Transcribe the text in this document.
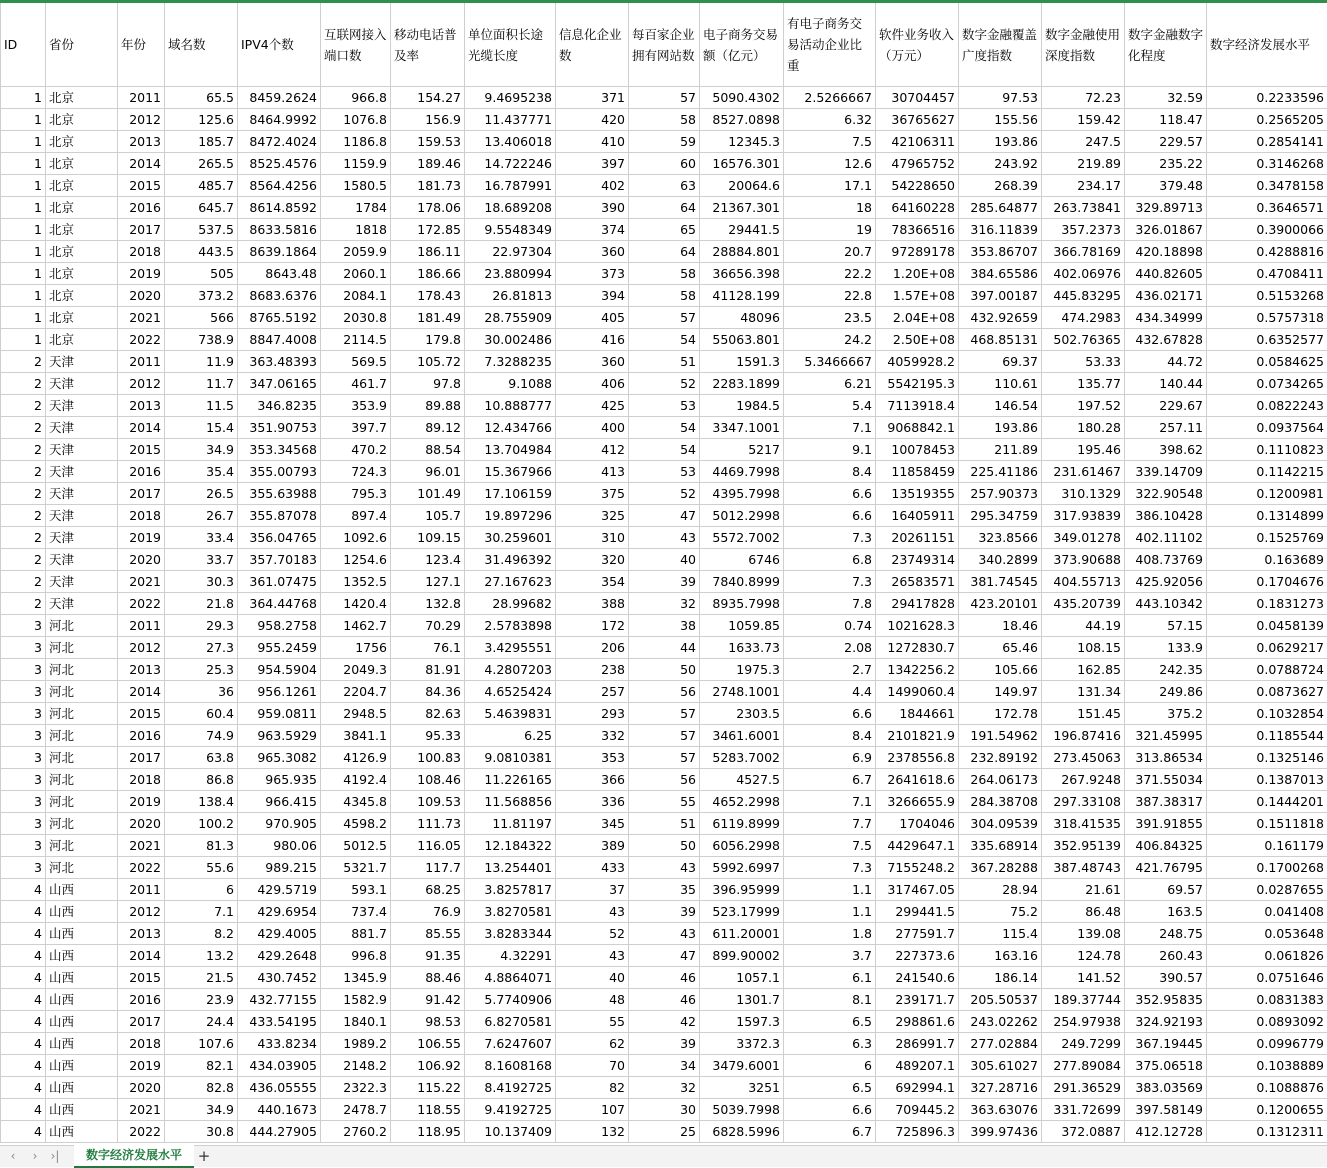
ID	省份	年份	域名数	IPV4个数	互联网接入端口数	移动电话普及率	单位面积长途光缆长度	信息化企业数	每百家企业拥有网站数	电子商务交易额（亿元）	有电子商务交易活动企业比重	软件业务收入（万元）	数字金融覆盖广度指数	数字金融使用深度指数	数字金融数字化程度	数字经济发展水平
1	北京	2011	65.5	8459.2624	966.8	154.27	9.4695238	371	57	5090.4302	2.5266667	30704457	97.53	72.23	32.59	0.2233596
1	北京	2012	125.6	8464.9992	1076.8	156.9	11.437771	420	58	8527.0898	6.32	36765627	155.56	159.42	118.47	0.2565205
1	北京	2013	185.7	8472.4024	1186.8	159.53	13.406018	410	59	12345.3	7.5	42106311	193.86	247.5	229.57	0.2854141
1	北京	2014	265.5	8525.4576	1159.9	189.46	14.722246	397	60	16576.301	12.6	47965752	243.92	219.89	235.22	0.3146268
1	北京	2015	485.7	8564.4256	1580.5	181.73	16.787991	402	63	20064.6	17.1	54228650	268.39	234.17	379.48	0.3478158
1	北京	2016	645.7	8614.8592	1784	178.06	18.689208	390	64	21367.301	18	64160228	285.64877	263.73841	329.89713	0.3646571
1	北京	2017	537.5	8633.5816	1818	172.85	9.5548349	374	65	29441.5	19	78366516	316.11839	357.2373	326.01867	0.3900066
1	北京	2018	443.5	8639.1864	2059.9	186.11	22.97304	360	64	28884.801	20.7	97289178	353.86707	366.78169	420.18898	0.4288816
1	北京	2019	505	8643.48	2060.1	186.66	23.880994	373	58	36656.398	22.2	1.20E+08	384.65586	402.06976	440.82605	0.4708411
1	北京	2020	373.2	8683.6376	2084.1	178.43	26.81813	394	58	41128.199	22.8	1.57E+08	397.00187	445.83295	436.02171	0.5153268
1	北京	2021	566	8765.5192	2030.8	181.49	28.755909	405	57	48096	23.5	2.04E+08	432.92659	474.2983	434.34999	0.5757318
1	北京	2022	738.9	8847.4008	2114.5	179.8	30.002486	416	54	55063.801	24.2	2.50E+08	468.85131	502.76365	432.67828	0.6352577
2	天津	2011	11.9	363.48393	569.5	105.72	7.3288235	360	51	1591.3	5.3466667	4059928.2	69.37	53.33	44.72	0.0584625
2	天津	2012	11.7	347.06165	461.7	97.8	9.1088	406	52	2283.1899	6.21	5542195.3	110.61	135.77	140.44	0.0734265
2	天津	2013	11.5	346.8235	353.9	89.88	10.888777	425	53	1984.5	5.4	7113918.4	146.54	197.52	229.67	0.0822243
2	天津	2014	15.4	351.90753	397.7	89.12	12.434766	400	54	3347.1001	7.1	9068842.1	193.86	180.28	257.11	0.0937564
2	天津	2015	34.9	353.34568	470.2	88.54	13.704984	412	54	5217	9.1	10078453	211.89	195.46	398.62	0.1110823
2	天津	2016	35.4	355.00793	724.3	96.01	15.367966	413	53	4469.7998	8.4	11858459	225.41186	231.61467	339.14709	0.1142215
2	天津	2017	26.5	355.63988	795.3	101.49	17.106159	375	52	4395.7998	6.6	13519355	257.90373	310.1329	322.90548	0.1200981
2	天津	2018	26.7	355.87078	897.4	105.7	19.897296	325	47	5012.2998	6.6	16405911	295.34759	317.93839	386.10428	0.1314899
2	天津	2019	33.4	356.04765	1092.6	109.15	30.259601	310	43	5572.7002	7.3	20261151	323.8566	349.01278	402.11102	0.1525769
2	天津	2020	33.7	357.70183	1254.6	123.4	31.496392	320	40	6746	6.8	23749314	340.2899	373.90688	408.73769	0.163689
2	天津	2021	30.3	361.07475	1352.5	127.1	27.167623	354	39	7840.8999	7.3	26583571	381.74545	404.55713	425.92056	0.1704676
2	天津	2022	21.8	364.44768	1420.4	132.8	28.99682	388	32	8935.7998	7.8	29417828	423.20101	435.20739	443.10342	0.1831273
3	河北	2011	29.3	958.2758	1462.7	70.29	2.5783898	172	38	1059.85	0.74	1021628.3	18.46	44.19	57.15	0.0458139
3	河北	2012	27.3	955.2459	1756	76.1	3.4295551	206	44	1633.73	2.08	1272830.7	65.46	108.15	133.9	0.0629217
3	河北	2013	25.3	954.5904	2049.3	81.91	4.2807203	238	50	1975.3	2.7	1342256.2	105.66	162.85	242.35	0.0788724
3	河北	2014	36	956.1261	2204.7	84.36	4.6525424	257	56	2748.1001	4.4	1499060.4	149.97	131.34	249.86	0.0873627
3	河北	2015	60.4	959.0811	2948.5	82.63	5.4639831	293	57	2303.5	6.6	1844661	172.78	151.45	375.2	0.1032854
3	河北	2016	74.9	963.5929	3841.1	95.33	6.25	332	57	3461.6001	8.4	2101821.9	191.54962	196.87416	321.45995	0.1185544
3	河北	2017	63.8	965.3082	4126.9	100.83	9.0810381	353	57	5283.7002	6.9	2378556.8	232.89192	273.45063	313.86534	0.1325146
3	河北	2018	86.8	965.935	4192.4	108.46	11.226165	366	56	4527.5	6.7	2641618.6	264.06173	267.9248	371.55034	0.1387013
3	河北	2019	138.4	966.415	4345.8	109.53	11.568856	336	55	4652.2998	7.1	3266655.9	284.38708	297.33108	387.38317	0.1444201
3	河北	2020	100.2	970.905	4598.2	111.73	11.81197	345	51	6119.8999	7.7	1704046	304.09539	318.41535	391.91855	0.1511818
3	河北	2021	81.3	980.06	5012.5	116.05	12.184322	389	50	6056.2998	7.5	4429647.1	335.68914	352.95139	406.84325	0.161179
3	河北	2022	55.6	989.215	5321.7	117.7	13.254401	433	43	5992.6997	7.3	7155248.2	367.28288	387.48743	421.76795	0.1700268
4	山西	2011	6	429.5719	593.1	68.25	3.8257817	37	35	396.95999	1.1	317467.05	28.94	21.61	69.57	0.0287655
4	山西	2012	7.1	429.6954	737.4	76.9	3.8270581	43	39	523.17999	1.1	299441.5	75.2	86.48	163.5	0.041408
4	山西	2013	8.2	429.4005	881.7	85.55	3.8283344	52	43	611.20001	1.8	277591.7	115.4	139.08	248.75	0.053648
4	山西	2014	13.2	429.2648	996.8	91.35	4.32291	43	47	899.90002	3.7	227373.6	163.16	124.78	260.43	0.061826
4	山西	2015	21.5	430.7452	1345.9	88.46	4.8864071	40	46	1057.1	6.1	241540.6	186.14	141.52	390.57	0.0751646
4	山西	2016	23.9	432.77155	1582.9	91.42	5.7740906	48	46	1301.7	8.1	239171.7	205.50537	189.37744	352.95835	0.0831383
4	山西	2017	24.4	433.54195	1840.1	98.53	6.8270581	55	42	1597.3	6.5	298861.6	243.02262	254.97938	324.92193	0.0893092
4	山西	2018	107.6	433.8234	1989.2	106.55	7.6247607	62	39	3372.3	6.3	286991.7	277.02884	249.7299	367.19445	0.0996779
4	山西	2019	82.1	434.03905	2148.2	106.92	8.1608168	70	34	3479.6001	6	489207.1	305.61027	277.89084	375.06518	0.1038889
4	山西	2020	82.8	436.05555	2322.3	115.22	8.4192725	82	32	3251	6.5	692994.1	327.28716	291.36529	383.03569	0.1088876
4	山西	2021	34.9	440.1673	2478.7	118.55	9.4192725	107	30	5039.7998	6.6	709445.2	363.63076	331.72699	397.58149	0.1200655
4	山西	2022	30.8	444.27905	2760.2	118.95	10.137409	132	25	6828.5996	6.7	725896.3	399.97436	372.0887	412.12728	0.1312311
‹	›	›|	数字经济发展水平	+
